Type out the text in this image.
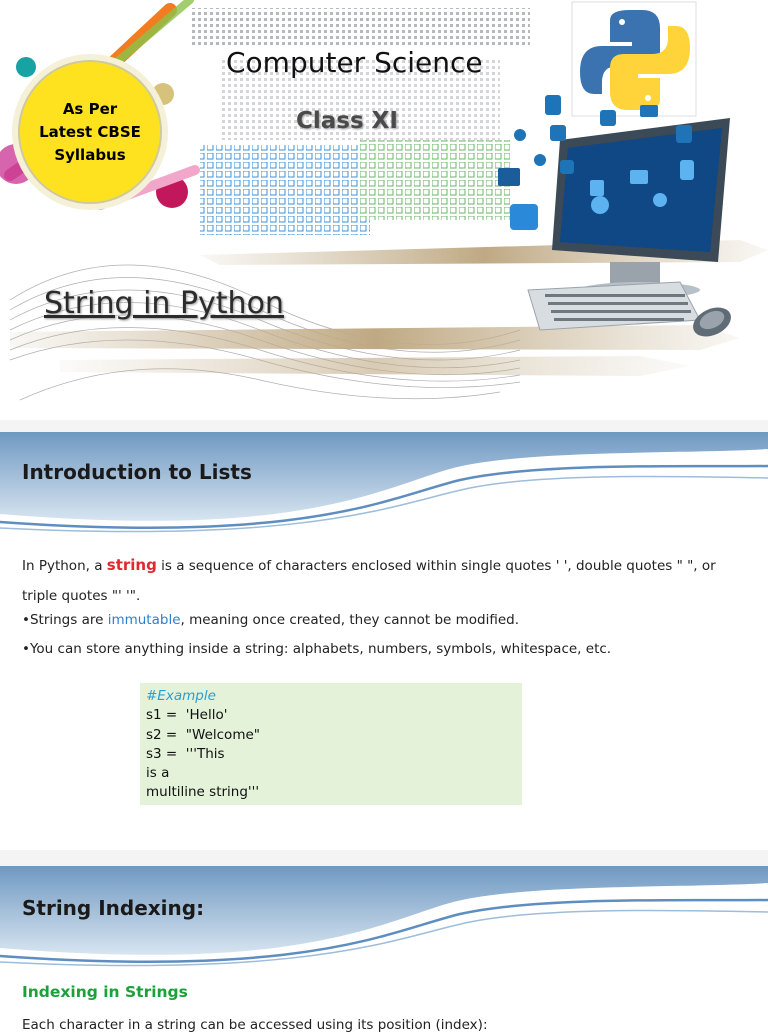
As Per Latest CBSE Syllabus
Computer Science
Class XI
String in Python
Introduction to Lists
In Python, a string is a sequence of characters enclosed within single quotes ' ', double quotes " ", or triple quotes "' '".
•Strings are immutable, meaning once created, they cannot be modified.
•You can store anything inside a string: alphabets, numbers, symbols, whitespace, etc.
#Example
s1 =  'Hello'
s2 =  "Welcome"
s3 =  '''This
is a
multiline string'''
String Indexing:
Indexing in Strings
Each character in a string can be accessed using its position (index):
